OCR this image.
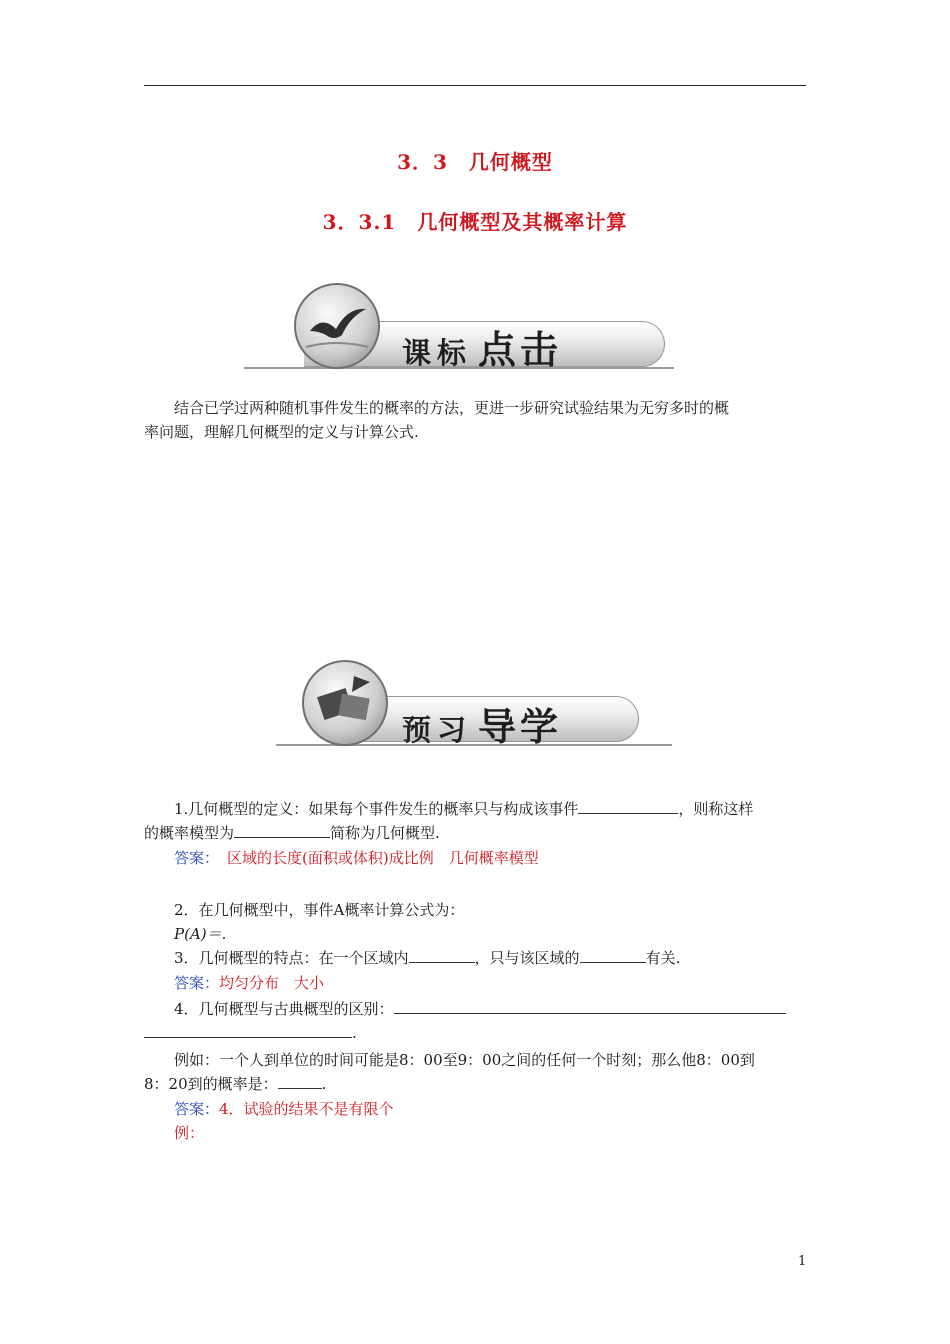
3．3　几何概型
3．3.1　几何概型及其概率计算
课标 点击
结合已学过两种随机事件发生的概率的方法，更进一步研究试验结果为无穷多时的概
率问题，理解几何概型的定义与计算公式.
预习 导学
1.几何概型的定义：如果每个事件发生的概率只与构成该事件	，则称这样
的概率模型为	简称为几何概型.
答案： 区域的长度(面积或体积)成比例　几何概率模型
2．在几何概型中，事件A概率计算公式为：
P(A)＝.
3．几何概型的特点：在一个区域内	，只与该区域的	有关.
答案：均匀分布　大小
4．几何概型与古典概型的区别：
.
例如：一个人到单位的时间可能是8：00至9：00之间的任何一个时刻；那么他8：00到
8：20到的概率是：	.
答案：4．试验的结果不是有限个
例：
1
